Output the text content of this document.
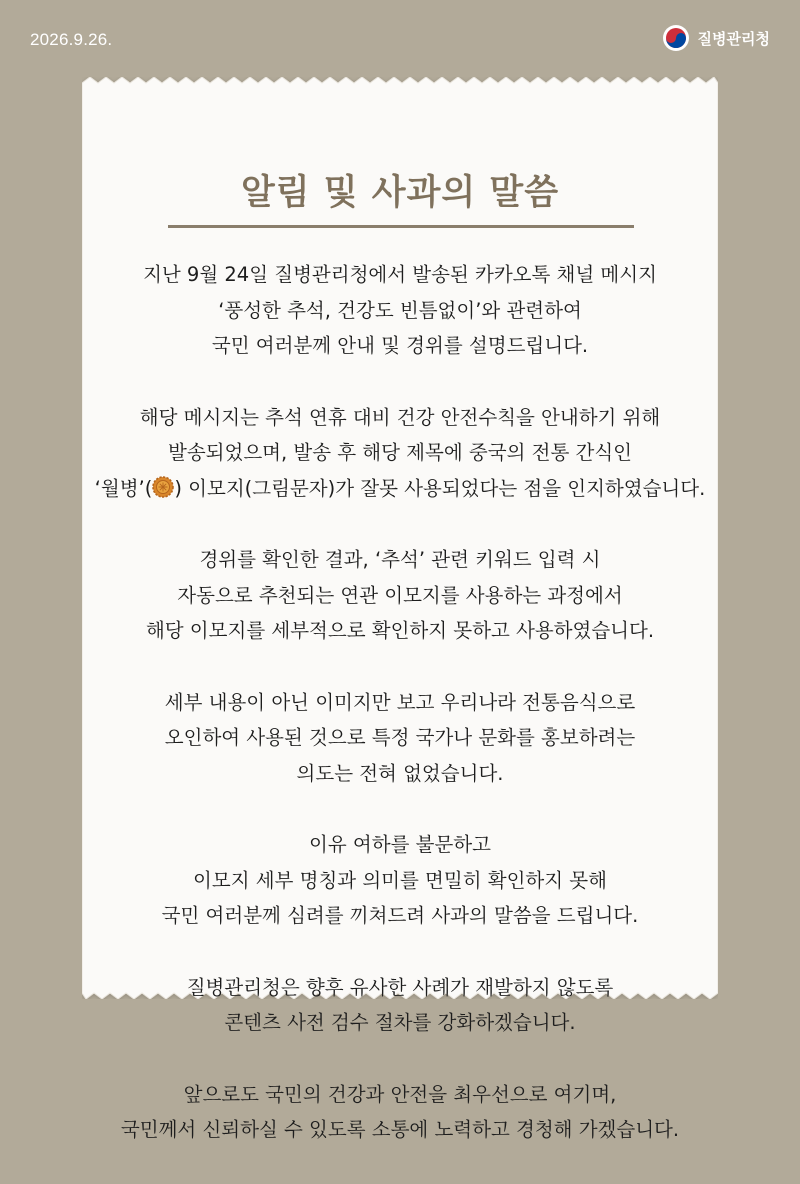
2026.9.26.	질병관리청
알림 및 사과의 말씀

지난 9월 24일 질병관리청에서 발송된 카카오톡 채널 메시지
‘풍성한 추석, 건강도 빈틈없이’와 관련하여
국민 여러분께 안내 및 경위를 설명드립니다.

해당 메시지는 추석 연휴 대비 건강 안전수칙을 안내하기 위해
발송되었으며, 발송 후 해당 제목에 중국의 전통 간식인
‘월병’( ) 이모지(그림문자)가 잘못 사용되었다는 점을 인지하였습니다.

경위를 확인한 결과, ‘추석’ 관련 키워드 입력 시
자동으로 추천되는 연관 이모지를 사용하는 과정에서
해당 이모지를 세부적으로 확인하지 못하고 사용하였습니다.

세부 내용이 아닌 이미지만 보고 우리나라 전통음식으로
오인하여 사용된 것으로 특정 국가나 문화를 홍보하려는
의도는 전혀 없었습니다.

이유 여하를 불문하고
이모지 세부 명칭과 의미를 면밀히 확인하지 못해
국민 여러분께 심려를 끼쳐드려 사과의 말씀을 드립니다.

질병관리청은 향후 유사한 사례가 재발하지 않도록
콘텐츠 사전 검수 절차를 강화하겠습니다.

앞으로도 국민의 건강과 안전을 최우선으로 여기며,
국민께서 신뢰하실 수 있도록 소통에 노력하고 경청해 가겠습니다.
